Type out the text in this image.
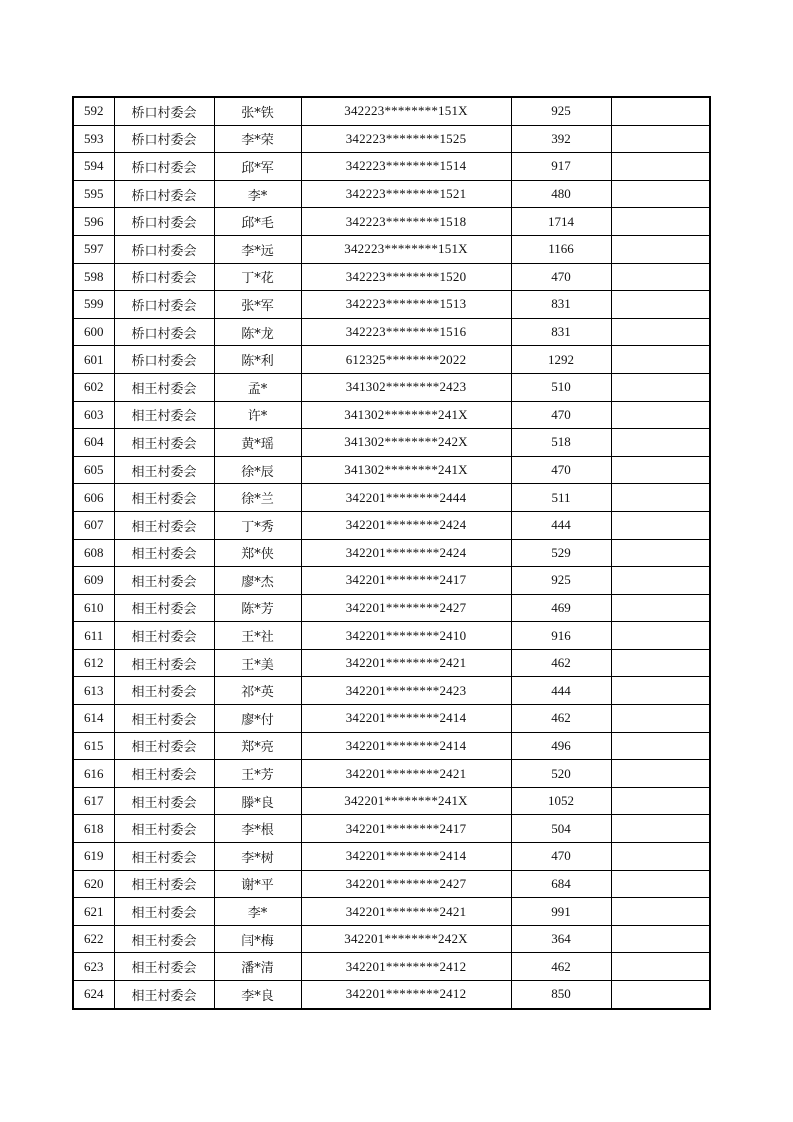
592	桥口村委会	张*铁	342223********151X	925	
593	桥口村委会	李*荣	342223********1525	392	
594	桥口村委会	邱*军	342223********1514	917	
595	桥口村委会	李*	342223********1521	480	
596	桥口村委会	邱*毛	342223********1518	1714	
597	桥口村委会	李*远	342223********151X	1166	
598	桥口村委会	丁*花	342223********1520	470	
599	桥口村委会	张*军	342223********1513	831	
600	桥口村委会	陈*龙	342223********1516	831	
601	桥口村委会	陈*利	612325********2022	1292	
602	相王村委会	孟*	341302********2423	510	
603	相王村委会	许*	341302********241X	470	
604	相王村委会	黄*瑶	341302********242X	518	
605	相王村委会	徐*辰	341302********241X	470	
606	相王村委会	徐*兰	342201********2444	511	
607	相王村委会	丁*秀	342201********2424	444	
608	相王村委会	郑*侠	342201********2424	529	
609	相王村委会	廖*杰	342201********2417	925	
610	相王村委会	陈*芳	342201********2427	469	
611	相王村委会	王*社	342201********2410	916	
612	相王村委会	王*美	342201********2421	462	
613	相王村委会	祁*英	342201********2423	444	
614	相王村委会	廖*付	342201********2414	462	
615	相王村委会	郑*亮	342201********2414	496	
616	相王村委会	王*芳	342201********2421	520	
617	相王村委会	滕*良	342201********241X	1052	
618	相王村委会	李*根	342201********2417	504	
619	相王村委会	李*树	342201********2414	470	
620	相王村委会	谢*平	342201********2427	684	
621	相王村委会	李*	342201********2421	991	
622	相王村委会	闫*梅	342201********242X	364	
623	相王村委会	潘*清	342201********2412	462	
624	相王村委会	李*良	342201********2412	850	
